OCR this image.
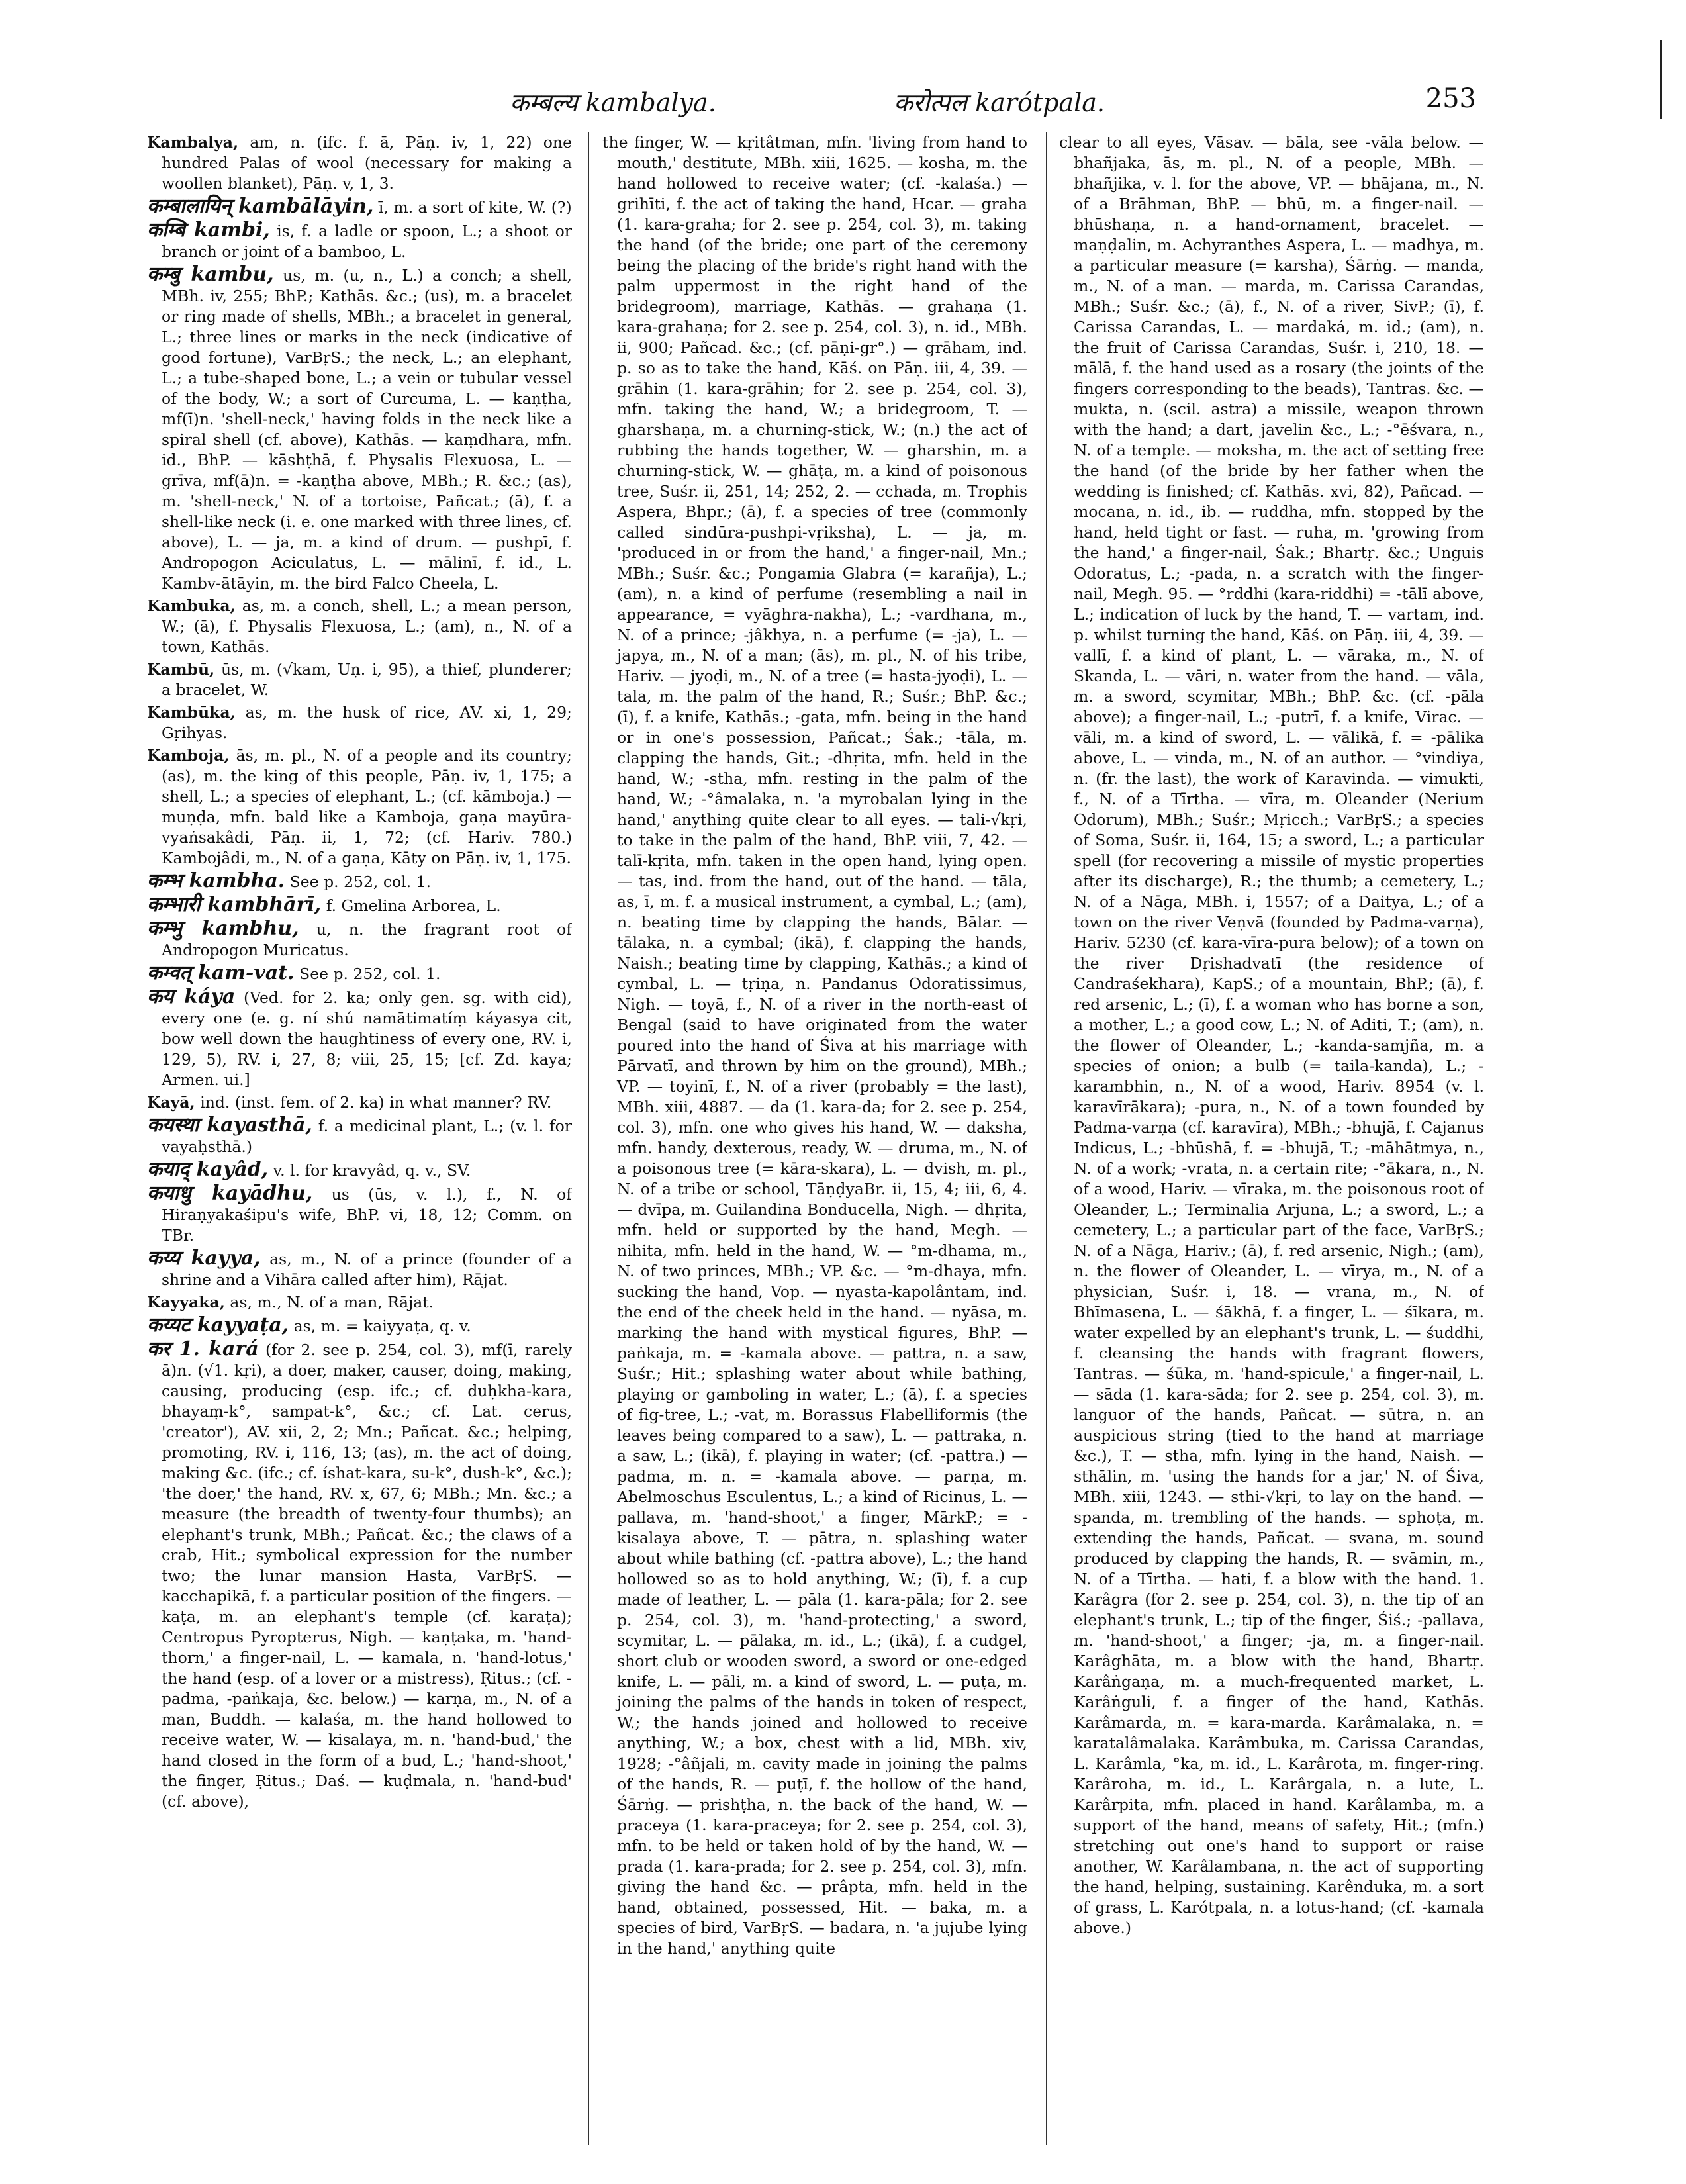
कम्बल्य kambalya.	करोत्पल karótpala.	253

Kambalya, am, n. (ifc. f. ā, Pāṇ. iv, 1, 22) one hundred Palas of wool (necessary for making a woollen blanket), Pāṇ. v, 1, 3.

कम्बालायिन् kambālāyin, ī, m. a sort of kite, W. (?)

कम्बि kambi, is, f. a ladle or spoon, L.; a shoot or branch or joint of a bamboo, L.

कम्बु kambu, us, m. (u, n., L.) a conch; a shell, MBh. iv, 255; BhP.; Kathās. &c.; (us), m. a bracelet or ring made of shells, MBh.; a bracelet in general, L.; three lines or marks in the neck (indicative of good fortune), VarBṛS.; the neck, L.; an elephant, L.; a tube-shaped bone, L.; a vein or tubular vessel of the body, W.; a sort of Curcuma, L. — kaṇṭha, mf(ī)n. 'shell-neck,' having folds in the neck like a spiral shell (cf. above), Kathās. — kaṃdhara, mfn. id., BhP. — kāshṭhā, f. Physalis Flexuosa, L. — grīva, mf(ā)n. = -kaṇṭha above, MBh.; R. &c.; (as), m. 'shell-neck,' N. of a tortoise, Pañcat.; (ā), f. a shell-like neck (i. e. one marked with three lines, cf. above), L. — ja, m. a kind of drum. — pushpī, f. Andropogon Aciculatus, L. — mālinī, f. id., L. Kambv-ātāyin, m. the bird Falco Cheela, L.

Kambuka, as, m. a conch, shell, L.; a mean person, W.; (ā), f. Physalis Flexuosa, L.; (am), n., N. of a town, Kathās.

Kambū, ūs, m. (√kam, Uṇ. i, 95), a thief, plunderer; a bracelet, W.

Kambūka, as, m. the husk of rice, AV. xi, 1, 29; Gṛihyas.

Kamboja, ās, m. pl., N. of a people and its country; (as), m. the king of this people, Pāṇ. iv, 1, 175; a shell, L.; a species of elephant, L.; (cf. kāmboja.) — muṇḍa, mfn. bald like a Kamboja, gaṇa mayūra-vyaṅsakâdi, Pāṇ. ii, 1, 72; (cf. Hariv. 780.) Kambojâdi, m., N. of a gaṇa, Kāty on Pāṇ. iv, 1, 175.

कम्भ kambha. See p. 252, col. 1.

कम्भारी kambhārī, f. Gmelina Arborea, L.

कम्भु kambhu, u, n. the fragrant root of Andropogon Muricatus.

कम्वत् kam-vat. See p. 252, col. 1.

कय káya (Ved. for 2. ka; only gen. sg. with cid), every one (e. g. ní shú namātimatíṃ káyasya cit, bow well down the haughtiness of every one, RV. i, 129, 5), RV. i, 27, 8; viii, 25, 15; [cf. Zd. kaya; Armen. ui.]

Kayā, ind. (inst. fem. of 2. ka) in what manner? RV.

कयस्था kayasthā, f. a medicinal plant, L.; (v. l. for vayaḥsthā.)

कयाद् kayâd, v. l. for kravyâd, q. v., SV.

कयाधु kayādhu, us (ūs, v. l.), f., N. of Hiraṇyakaśipu's wife, BhP. vi, 18, 12; Comm. on TBr.

कय्य kayya, as, m., N. of a prince (founder of a shrine and a Vihāra called after him), Rājat.

Kayyaka, as, m., N. of a man, Rājat.

कय्यट kayyaṭa, as, m. = kaiyyaṭa, q. v.

कर 1. kará (for 2. see p. 254, col. 3), mf(ī, rarely ā)n. (√1. kṛi), a doer, maker, causer, doing, making, causing, producing (esp. ifc.; cf. duḥkha-kara, bhayaṃ-k°, sampat-k°, &c.; cf. Lat. cerus, 'creator'), AV. xii, 2, 2; Mn.; Pañcat. &c.; helping, promoting, RV. i, 116, 13; (as), m. the act of doing, making &c. (ifc.; cf. íshat-kara, su-k°, dush-k°, &c.); 'the doer,' the hand, RV. x, 67, 6; MBh.; Mn. &c.; a measure (the breadth of twenty-four thumbs); an elephant's trunk, MBh.; Pañcat. &c.; the claws of a crab, Hit.; symbolical expression for the number two; the lunar mansion Hasta, VarBṛS. — kacchapikā, f. a particular position of the fingers. — kaṭa, m. an elephant's temple (cf. karaṭa); Centropus Pyropterus, Nigh. — kaṇṭaka, m. 'hand-thorn,' a finger-nail, L. — kamala, n. 'hand-lotus,' the hand (esp. of a lover or a mistress), Ṛitus.; (cf. -padma, -paṅkaja, &c. below.) — karṇa, m., N. of a man, Buddh. — kalaśa, m. the hand hollowed to receive water, W. — kisalaya, m. n. 'hand-bud,' the hand closed in the form of a bud, L.; 'hand-shoot,' the finger, Ṛitus.; Daś. — kuḍmala, n. 'hand-bud' (cf. above),

the finger, W. — kṛitâtman, mfn. 'living from hand to mouth,' destitute, MBh. xiii, 1625. — kosha, m. the hand hollowed to receive water; (cf. -kalaśa.) — grihīti, f. the act of taking the hand, Hcar. — graha (1. kara-graha; for 2. see p. 254, col. 3), m. taking the hand (of the bride; one part of the ceremony being the placing of the bride's right hand with the palm uppermost in the right hand of the bridegroom), marriage, Kathās. — grahaṇa (1. kara-grahaṇa; for 2. see p. 254, col. 3), n. id., MBh. ii, 900; Pañcad. &c.; (cf. pāṇi-gr°.) — grāham, ind. p. so as to take the hand, Kāś. on Pāṇ. iii, 4, 39. — grāhin (1. kara-grāhin; for 2. see p. 254, col. 3), mfn. taking the hand, W.; a bridegroom, T. — gharshaṇa, m. a churning-stick, W.; (n.) the act of rubbing the hands together, W. — gharshin, m. a churning-stick, W. — ghāṭa, m. a kind of poisonous tree, Suśr. ii, 251, 14; 252, 2. — cchada, m. Trophis Aspera, Bhpr.; (ā), f. a species of tree (commonly called sindūra-pushpi-vṛiksha), L. — ja, m. 'produced in or from the hand,' a finger-nail, Mn.; MBh.; Suśr. &c.; Pongamia Glabra (= karañja), L.; (am), n. a kind of perfume (resembling a nail in appearance, = vyāghra-nakha), L.; -vardhana, m., N. of a prince; -jâkhya, n. a perfume (= -ja), L. — japya, m., N. of a man; (ās), m. pl., N. of his tribe, Hariv. — jyoḍi, m., N. of a tree (= hasta-jyoḍi), L. — tala, m. the palm of the hand, R.; Suśr.; BhP. &c.; (ī), f. a knife, Kathās.; -gata, mfn. being in the hand or in one's possession, Pañcat.; Śak.; -tāla, m. clapping the hands, Git.; -dhṛita, mfn. held in the hand, W.; -stha, mfn. resting in the palm of the hand, W.; -°âmalaka, n. 'a myrobalan lying in the hand,' anything quite clear to all eyes. — tali-√kṛi, to take in the palm of the hand, BhP. viii, 7, 42. — talī-kṛita, mfn. taken in the open hand, lying open. — tas, ind. from the hand, out of the hand. — tāla, as, ī, m. f. a musical instrument, a cymbal, L.; (am), n. beating time by clapping the hands, Bālar. — tālaka, n. a cymbal; (ikā), f. clapping the hands, Naish.; beating time by clapping, Kathās.; a kind of cymbal, L. — tṛiṇa, n. Pandanus Odoratissimus, Nigh. — toyā, f., N. of a river in the north-east of Bengal (said to have originated from the water poured into the hand of Śiva at his marriage with Pārvatī, and thrown by him on the ground), MBh.; VP. — toyinī, f., N. of a river (probably = the last), MBh. xiii, 4887. — da (1. kara-da; for 2. see p. 254, col. 3), mfn. one who gives his hand, W. — daksha, mfn. handy, dexterous, ready, W. — druma, m., N. of a poisonous tree (= kāra-skara), L. — dvish, m. pl., N. of a tribe or school, TāṇḍyaBr. ii, 15, 4; iii, 6, 4. — dvīpa, m. Guilandina Bonducella, Nigh. — dhṛita, mfn. held or supported by the hand, Megh. — nihita, mfn. held in the hand, W. — °m-dhama, m., N. of two princes, MBh.; VP. &c. — °m-dhaya, mfn. sucking the hand, Vop. — nyasta-kapolântam, ind. the end of the cheek held in the hand. — nyāsa, m. marking the hand with mystical figures, BhP. — paṅkaja, m. = -kamala above. — pattra, n. a saw, Suśr.; Hit.; splashing water about while bathing, playing or gamboling in water, L.; (ā), f. a species of fig-tree, L.; -vat, m. Borassus Flabelliformis (the leaves being compared to a saw), L. — pattraka, n. a saw, L.; (ikā), f. playing in water; (cf. -pattra.) — padma, m. n. = -kamala above. — parṇa, m. Abelmoschus Esculentus, L.; a kind of Ricinus, L. — pallava, m. 'hand-shoot,' a finger, MārkP.; = -kisalaya above, T. — pātra, n. splashing water about while bathing (cf. -pattra above), L.; the hand hollowed so as to hold anything, W.; (ī), f. a cup made of leather, L. — pāla (1. kara-pāla; for 2. see p. 254, col. 3), m. 'hand-protecting,' a sword, scymitar, L. — pālaka, m. id., L.; (ikā), f. a cudgel, short club or wooden sword, a sword or one-edged knife, L. — pāli, m. a kind of sword, L. — puṭa, m. joining the palms of the hands in token of respect, W.; the hands joined and hollowed to receive anything, W.; a box, chest with a lid, MBh. xiv, 1928; -°âñjali, m. cavity made in joining the palms of the hands, R. — puṭī, f. the hollow of the hand, Śārṅg. — prishṭha, n. the back of the hand, W. — praceya (1. kara-praceya; for 2. see p. 254, col. 3), mfn. to be held or taken hold of by the hand, W. — prada (1. kara-prada; for 2. see p. 254, col. 3), mfn. giving the hand &c. — prâpta, mfn. held in the hand, obtained, possessed, Hit. — baka, m. a species of bird, VarBṛS. — badara, n. 'a jujube lying in the hand,' anything quite

clear to all eyes, Vāsav. — bāla, see -vāla below. — bhañjaka, ās, m. pl., N. of a people, MBh. — bhañjika, v. l. for the above, VP. — bhājana, m., N. of a Brāhman, BhP. — bhū, m. a finger-nail. — bhūshaṇa, n. a hand-ornament, bracelet. — maṇḍalin, m. Achyranthes Aspera, L. — madhya, m. a particular measure (= karsha), Śārṅg. — manda, m., N. of a man. — marda, m. Carissa Carandas, MBh.; Suśr. &c.; (ā), f., N. of a river, SivP.; (ī), f. Carissa Carandas, L. — mardaká, m. id.; (am), n. the fruit of Carissa Carandas, Suśr. i, 210, 18. — mālā, f. the hand used as a rosary (the joints of the fingers corresponding to the beads), Tantras. &c. — mukta, n. (scil. astra) a missile, weapon thrown with the hand; a dart, javelin &c., L.; -°ēśvara, n., N. of a temple. — moksha, m. the act of setting free the hand (of the bride by her father when the wedding is finished; cf. Kathās. xvi, 82), Pañcad. — mocana, n. id., ib. — ruddha, mfn. stopped by the hand, held tight or fast. — ruha, m. 'growing from the hand,' a finger-nail, Śak.; Bhartṛ. &c.; Unguis Odoratus, L.; -pada, n. a scratch with the finger-nail, Megh. 95. — °rddhi (kara-riddhi) = -tālī above, L.; indication of luck by the hand, T. — vartam, ind. p. whilst turning the hand, Kāś. on Pāṇ. iii, 4, 39. — vallī, f. a kind of plant, L. — vāraka, m., N. of Skanda, L. — vāri, n. water from the hand. — vāla, m. a sword, scymitar, MBh.; BhP. &c. (cf. -pāla above); a finger-nail, L.; -putrī, f. a knife, Virac. — vāli, m. a kind of sword, L. — vālikā, f. = -pālika above, L. — vinda, m., N. of an author. — °vindiya, n. (fr. the last), the work of Karavinda. — vimukti, f., N. of a Tīrtha. — vīra, m. Oleander (Nerium Odorum), MBh.; Suśr.; Mṛicch.; VarBṛS.; a species of Soma, Suśr. ii, 164, 15; a sword, L.; a particular spell (for recovering a missile of mystic properties after its discharge), R.; the thumb; a cemetery, L.; N. of a Nāga, MBh. i, 1557; of a Daitya, L.; of a town on the river Veṇvā (founded by Padma-varṇa), Hariv. 5230 (cf. kara-vīra-pura below); of a town on the river Dṛishadvatī (the residence of Candraśekhara), KapS.; of a mountain, BhP.; (ā), f. red arsenic, L.; (ī), f. a woman who has borne a son, a mother, L.; a good cow, L.; N. of Aditi, T.; (am), n. the flower of Oleander, L.; -kanda-samjña, m. a species of onion; a bulb (= taila-kanda), L.; -karambhin, n., N. of a wood, Hariv. 8954 (v. l. karavīrākara); -pura, n., N. of a town founded by Padma-varṇa (cf. karavīra), MBh.; -bhujā, f. Cajanus Indicus, L.; -bhūshā, f. = -bhujā, T.; -māhātmya, n., N. of a work; -vrata, n. a certain rite; -°ākara, n., N. of a wood, Hariv. — vīraka, m. the poisonous root of Oleander, L.; Terminalia Arjuna, L.; a sword, L.; a cemetery, L.; a particular part of the face, VarBṛS.; N. of a Nāga, Hariv.; (ā), f. red arsenic, Nigh.; (am), n. the flower of Oleander, L. — vīrya, m., N. of a physician, Suśr. i, 18. — vrana, m., N. of Bhīmasena, L. — śākhā, f. a finger, L. — śīkara, m. water expelled by an elephant's trunk, L. — śuddhi, f. cleansing the hands with fragrant flowers, Tantras. — śūka, m. 'hand-spicule,' a finger-nail, L. — sāda (1. kara-sāda; for 2. see p. 254, col. 3), m. languor of the hands, Pañcat. — sūtra, n. an auspicious string (tied to the hand at marriage &c.), T. — stha, mfn. lying in the hand, Naish. — sthālin, m. 'using the hands for a jar,' N. of Śiva, MBh. xiii, 1243. — sthi-√kṛi, to lay on the hand. — spanda, m. trembling of the hands. — sphoṭa, m. extending the hands, Pañcat. — svana, m. sound produced by clapping the hands, R. — svāmin, m., N. of a Tīrtha. — hati, f. a blow with the hand. 1. Karâgra (for 2. see p. 254, col. 3), n. the tip of an elephant's trunk, L.; tip of the finger, Śiś.; -pallava, m. 'hand-shoot,' a finger; -ja, m. a finger-nail. Karâghāta, m. a blow with the hand, Bhartṛ. Karâṅgaṇa, m. a much-frequented market, L. Karâṅguli, f. a finger of the hand, Kathās. Karâmarda, m. = kara-marda. Karâmalaka, n. = karatalâmalaka. Karâmbuka, m. Carissa Carandas, L. Karâmla, °ka, m. id., L. Karârota, m. finger-ring. Karâroha, m. id., L. Karârgala, n. a lute, L. Karârpita, mfn. placed in hand. Karâlamba, m. a support of the hand, means of safety, Hit.; (mfn.) stretching out one's hand to support or raise another, W. Karâlambana, n. the act of supporting the hand, helping, sustaining. Karênduka, m. a sort of grass, L. Karótpala, n. a lotus-hand; (cf. -kamala above.)
